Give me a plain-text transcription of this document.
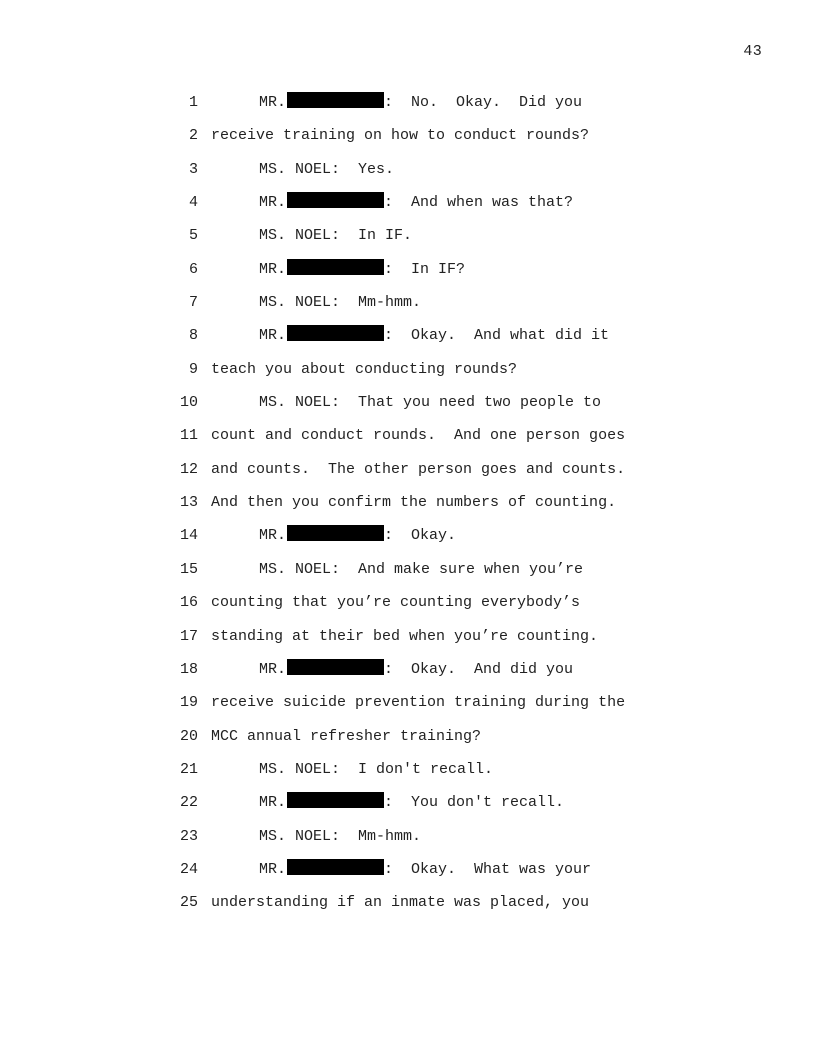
43
1	MR.	:  No.  Okay.  Did you
2 receive training on how to conduct rounds?
3	MS. NOEL:  Yes.
4	MR.	:  And when was that?
5	MS. NOEL:  In IF.
6	MR.	:  In IF?
7	MS. NOEL:  Mm-hmm.
8	MR.	:  Okay.  And what did it
9 teach you about conducting rounds?
10	MS. NOEL:  That you need two people to
11 count and conduct rounds.  And one person goes
12 and counts.  The other person goes and counts.
13 And then you confirm the numbers of counting.
14	MR.	:  Okay.
15	MS. NOEL:  And make sure when you’re
16 counting that you’re counting everybody’s
17 standing at their bed when you’re counting.
18	MR.	:  Okay.  And did you
19 receive suicide prevention training during the
20 MCC annual refresher training?
21	MS. NOEL:  I don't recall.
22	MR.	:  You don't recall.
23	MS. NOEL:  Mm-hmm.
24	MR.	:  Okay.  What was your
25 understanding if an inmate was placed, you
